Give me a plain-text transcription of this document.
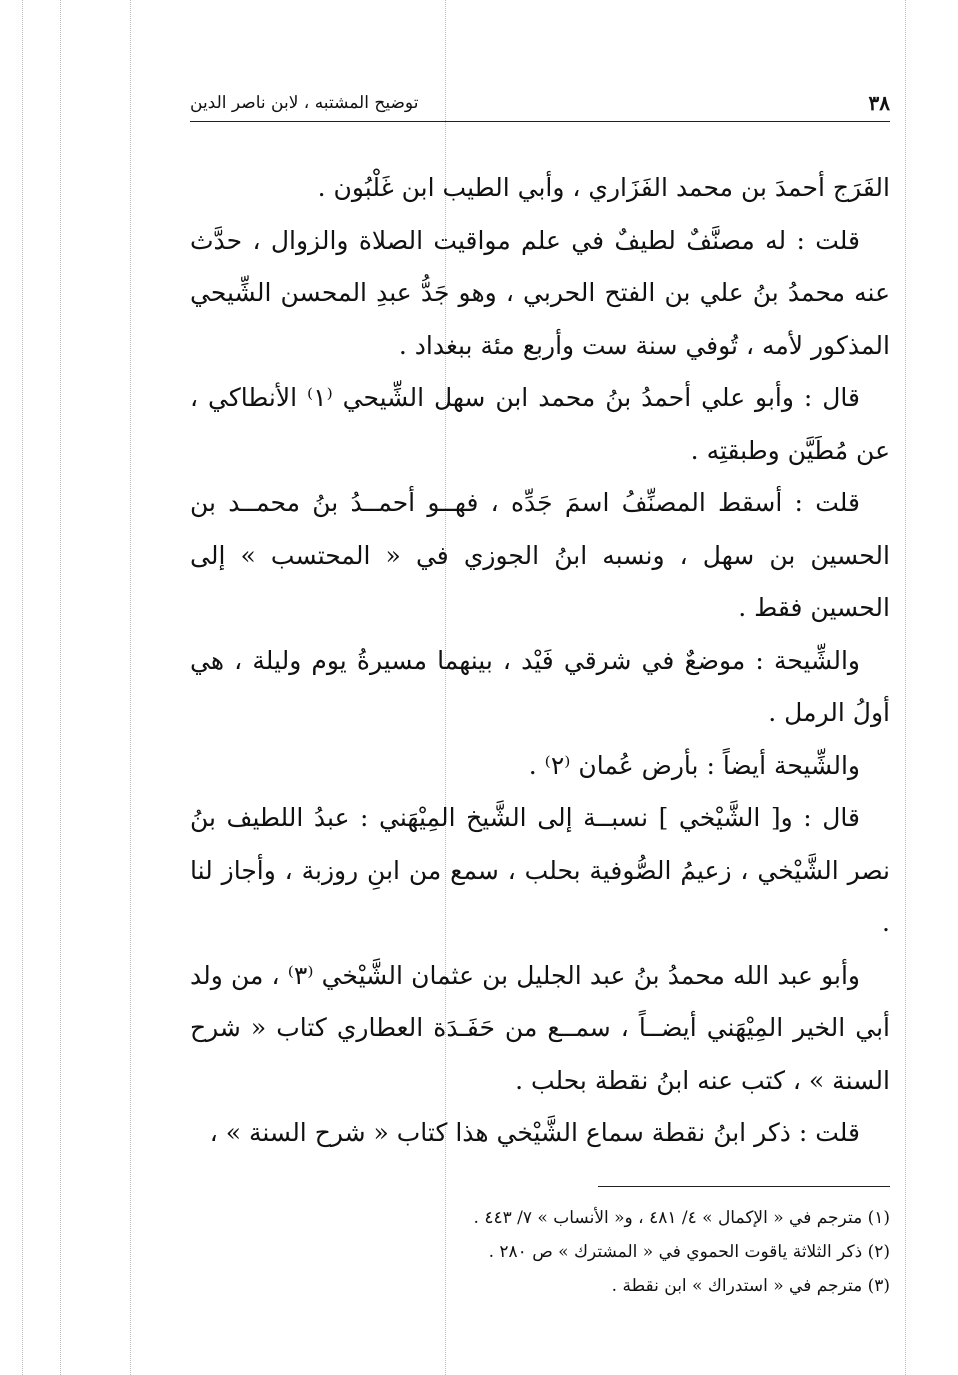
٣٨
توضيح المشتبه ، لابن ناصر الدين

الفَرَج أحمدَ بن محمد الفَزَاري ، وأبي الطيب ابن غَلْبُون .

قلت : له مصنَّفٌ لطيفٌ في علم مواقيت الصلاة والزوال ، حدَّث عنه محمدُ بنُ علي بن الفتح الحربي ، وهو جَدُّ عبدِ المحسن الشِّيحي المذكور لأمه ، تُوفي سنة ست وأربع مئة ببغداد .

قال : وأبو علي أحمدُ بنُ محمد ابن سهل الشِّيحي ⁽١⁾ الأنطاكي ، عن مُطَيَّن وطبقتِه .

قلت : أسقط المصنِّفُ اسمَ جَدِّه ، فهــو أحمــدُ بنُ محمــد بن الحسين بن سهل ، ونسبه ابنُ الجوزي في « المحتسب » إلى الحسين فقط .

والشِّيحة : موضعٌ في شرقي فَيْد ، بينهما مسيرةُ يوم وليلة ، هي أولُ الرمل .

والشِّيحة أيضاً : بأرض عُمان ⁽٢⁾ .

قال : و[ الشَّيْخي ] نسبــة إلى الشَّيخ المِيْهَني : عبدُ اللطيف بنُ نصر الشَّيْخي ، زعيمُ الصُّوفية بحلب ، سمع من ابنِ روزبة ، وأجاز لنا .

وأبو عبد الله محمدُ بنُ عبد الجليل بن عثمان الشَّيْخي ⁽٣⁾ ، من ولد أبي الخير المِيْهَني أيضــاً ، سمــع من حَفَـدَة العطاري كتاب « شرح السنة » ، كتب عنه ابنُ نقطة بحلب .

قلت : ذكر ابنُ نقطة سماع الشَّيْخي هذا كتاب « شرح السنة » ،

(١) مترجم في « الإكمال » ٤/ ٤٨١ ، و« الأنساب » ٧/ ٤٤٣ .

(٢) ذكر الثلاثة ياقوت الحموي في « المشترك » ص ٢٨٠ .

(٣) مترجم في « استدراك » ابن نقطة .
